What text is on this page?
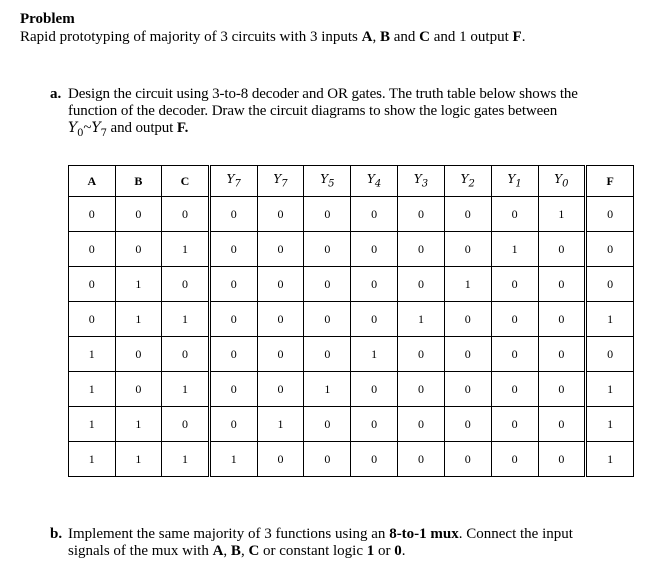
Problem
Rapid prototyping of majority of 3 circuits with 3 inputs A, B and C and 1 output F.
a. Design the circuit using 3-to-8 decoder and OR gates. The truth table below shows the
function of the decoder. Draw the circuit diagrams to show the logic gates between
$Y_0\sim Y_7$ and output F.
A	B	C	$Y_7$	$Y_7$	$Y_5$	$Y_4$	$Y_3$	$Y_2$	$Y_1$	$Y_0$	F
0	0	0	0	0	0	0	0	0	0	1	0
0	0	1	0	0	0	0	0	0	1	0	0
0	1	0	0	0	0	0	0	1	0	0	0
0	1	1	0	0	0	0	1	0	0	0	1
1	0	0	0	0	0	1	0	0	0	0	0
1	0	1	0	0	1	0	0	0	0	0	1
1	1	0	0	1	0	0	0	0	0	0	1
1	1	1	1	0	0	0	0	0	0	0	1
b. Implement the same majority of 3 functions using an 8-to-1 mux. Connect the input
signals of the mux with A, B, C or constant logic 1 or 0.
